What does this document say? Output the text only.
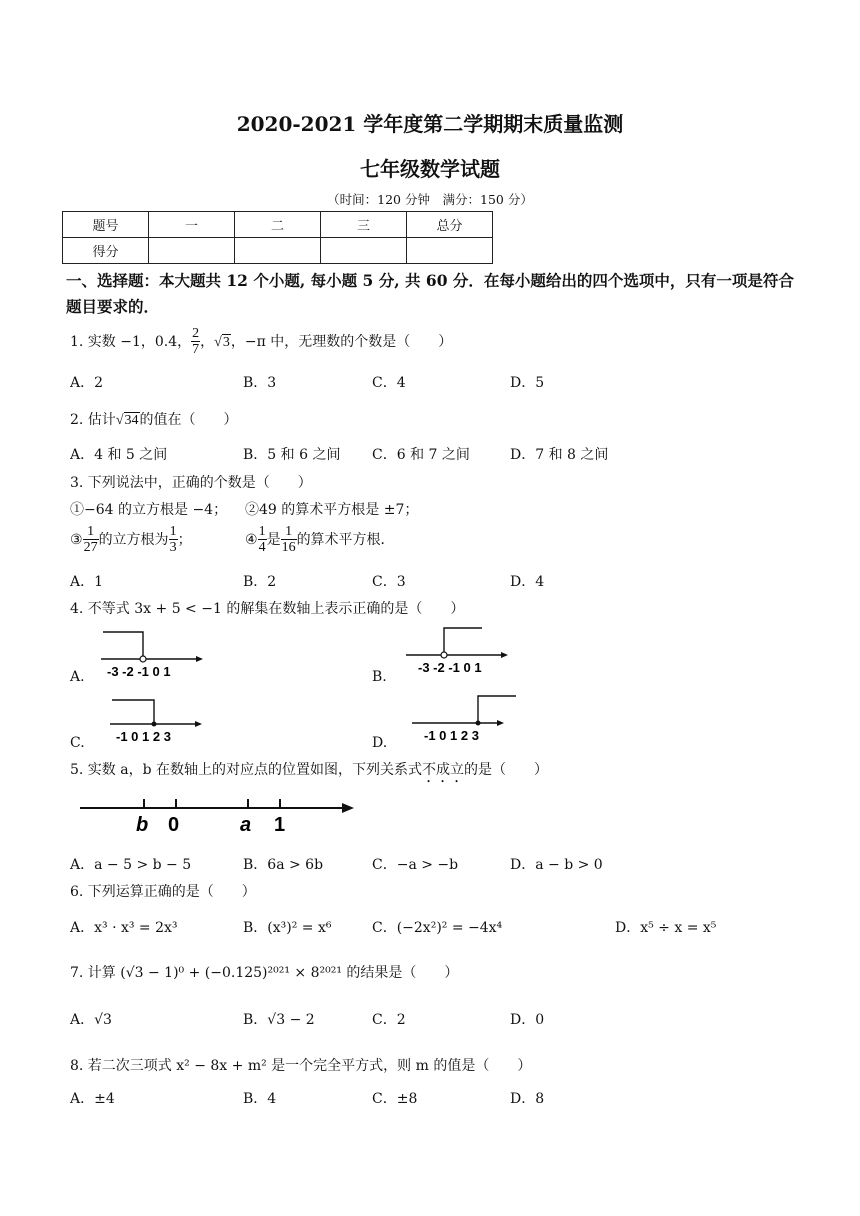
2020-2021 学年度第二学期期末质量监测
七年级数学试题
（时间：120 分钟　满分：150 分）
题号	一	二	三	总分
得分				
一、选择题：本大题共 12 个小题, 每小题 5 分, 共 60 分．在每小题给出的四个选项中，只有一项是符合题目要求的．
1. 实数 −1，0.4， $\frac{2}{7}$ ，√3，−π 中，无理数的个数是（　　）
A．2	B．3	C．4	D．5
2. 估计√34的值在（　　）
A．4 和 5 之间	B．5 和 6 之间 C．6 和 7 之间	D．7 和 8 之间
3. 下列说法中，正确的个数是（　　）
①−64 的立方根是 −4； ②49 的算术平方根是 ±7；
③ $\frac{1}{27}$ 的立方根为 $\frac{1}{3}$ ；	④ $\frac{1}{4}$ 是 $\frac{1}{16}$ 的算术平方根．
A．1	B．2	C．3	D．4
4. 不等式 3x + 5 < −1 的解集在数轴上表示正确的是（　　）
A. -3 -2 -1 0 1	B.
-3 -2 -1 0 1
C. -1 0 1 2 3	D.	-1 0 1 2 3
5. 实数 a，b 在数轴上的对应点的位置如图，下列关系式不成立的是（　　）
b 0	a 1
A．a − 5 > b − 5	B．6a > 6b	C．−a > −b	D．a − b > 0
6. 下列运算正确的是（　　）
A．x³ · x³ = 2x³	B．(x³)² = x⁶	C．(−2x²)² = −4x⁴	D．x⁵ ÷ x = x⁵
7. 计算 (√3 − 1)⁰ + (−0.125)²⁰²¹ × 8²⁰²¹ 的结果是（　　）
A．√3	B．√3 − 2	C．2	D．0
8. 若二次三项式 x² − 8x + m² 是一个完全平方式，则 m 的值是（　　）
A．±4	B．4	C．±8	D．8
